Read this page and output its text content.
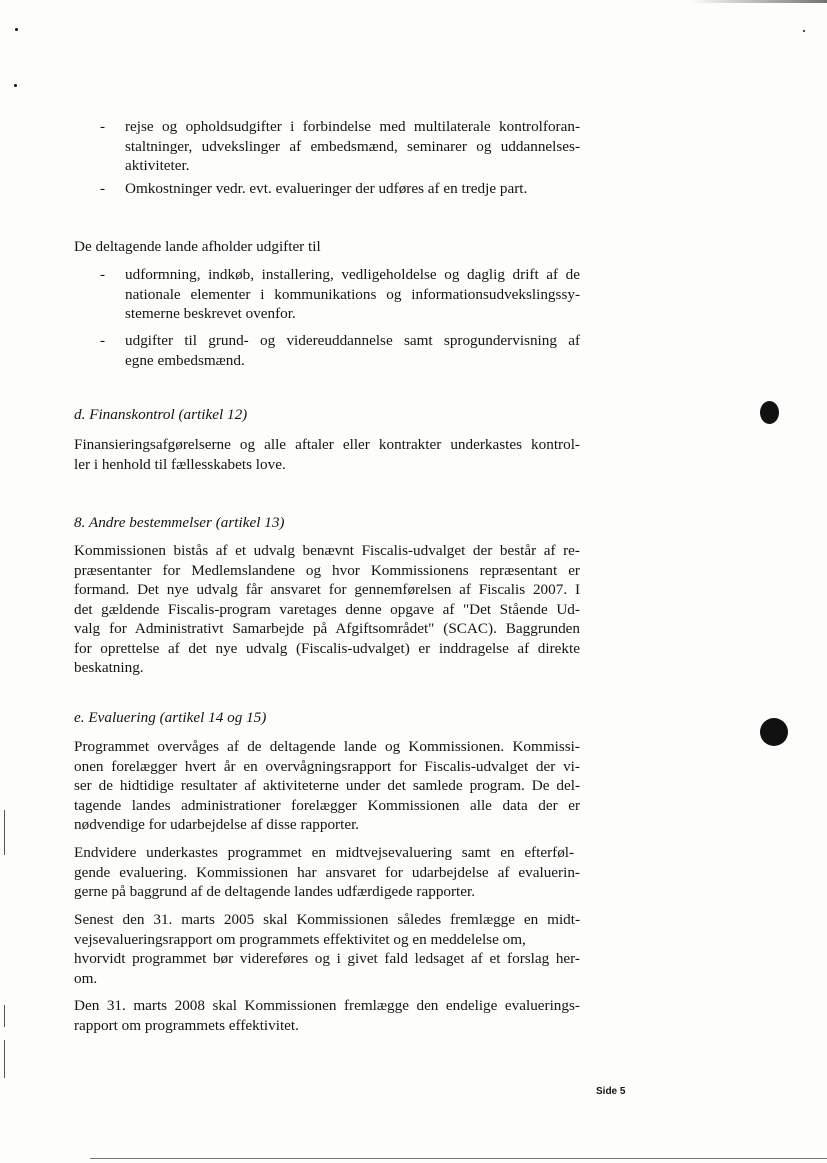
- rejse og opholdsudgifter i forbindelse med multilaterale kontrolforan-

staltninger, udvekslinger af embedsmænd, seminarer og uddannelses-

aktiviteter.

- Omkostninger vedr. evt. evalueringer der udføres af en tredje part.

De deltagende lande afholder udgifter til

- udformning, indkøb, installering, vedligeholdelse og daglig drift af de

nationale elementer i kommunikations og informationsudvekslingssy-

stemerne beskrevet ovenfor.

- udgifter til grund- og videreuddannelse samt sprogundervisning af

egne embedsmænd.

d. Finanskontrol (artikel 12)

Finansieringsafgørelserne og alle aftaler eller kontrakter underkastes kontrol-

ler i henhold til fællesskabets love.

8. Andre bestemmelser (artikel 13)

Kommissionen bistås af et udvalg benævnt Fiscalis-udvalget der består af re-

præsentanter for Medlemslandene og hvor Kommissionens repræsentant er

formand. Det nye udvalg får ansvaret for gennemførelsen af Fiscalis 2007. I

det gældende Fiscalis-program varetages denne opgave af "Det Stående Ud-

valg for Administrativt Samarbejde på Afgiftsområdet" (SCAC). Baggrunden

for oprettelse af det nye udvalg (Fiscalis-udvalget) er inddragelse af direkte

beskatning.

e. Evaluering (artikel 14 og 15)

Programmet overvåges af de deltagende lande og Kommissionen. Kommissi-

onen forelægger hvert år en overvågningsrapport for Fiscalis-udvalget der vi-

ser de hidtidige resultater af aktiviteterne under det samlede program. De del-

tagende landes administrationer forelægger Kommissionen alle data der er

nødvendige for udarbejdelse af disse rapporter.

Endvidere underkastes programmet en midtvejsevaluering samt en efterføl-

gende evaluering. Kommissionen har ansvaret for udarbejdelse af evaluerin-

gerne på baggrund af de deltagende landes udfærdigede rapporter.

Senest den 31. marts 2005 skal Kommissionen således fremlægge en midt-

vejsevalueringsrapport om programmets effektivitet og en meddelelse om,

hvorvidt programmet bør videreføres og i givet fald ledsaget af et forslag her-

om.

Den 31. marts 2008 skal Kommissionen fremlægge den endelige evaluerings-

rapport om programmets effektivitet.

Side 5
